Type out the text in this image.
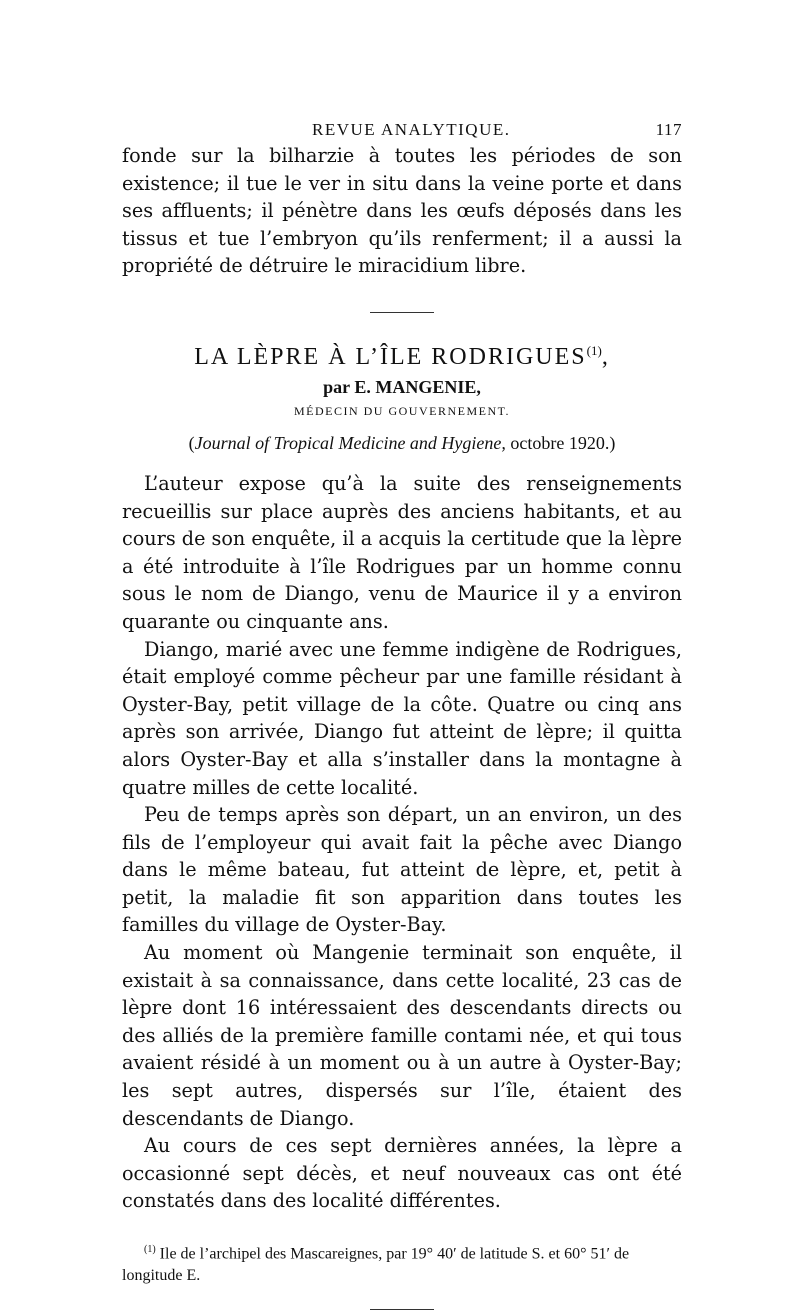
REVUE ANALYTIQUE.	117

fonde sur la bilharzie à toutes les périodes de son existence; il tue le ver in situ dans la veine porte et dans ses affluents; il pénètre dans les œufs déposés dans les tissus et tue l’embryon qu’ils renferment; il a aussi la propriété de détruire le miracidium libre.

LA LÈPRE À L’ÎLE RODRIGUES$^{(1)}$,
par E. MANGENIE,
MÉDECIN DU GOUVERNEMENT.
(Journal of Tropical Medicine and Hygiene, octobre 1920.)

L’auteur expose qu’à la suite des renseignements recueillis sur place auprès des anciens habitants, et au cours de son enquête, il a acquis la certitude que la lèpre a été introduite à l’île Rodrigues par un homme connu sous le nom de Diango, venu de Maurice il y a environ quarante ou cinquante ans.

Diango, marié avec une femme indigène de Rodrigues, était employé comme pêcheur par une famille résidant à Oyster-Bay, petit village de la côte. Quatre ou cinq ans après son arrivée, Diango fut atteint de lèpre; il quitta alors Oyster-Bay et alla s’installer dans la montagne à quatre milles de cette localité.

Peu de temps après son départ, un an environ, un des fils de l’employeur qui avait fait la pêche avec Diango dans le même bateau, fut atteint de lèpre, et, petit à petit, la maladie fit son apparition dans toutes les familles du village de Oyster-Bay.

Au moment où Mangenie terminait son enquête, il existait à sa connaissance, dans cette localité, 23 cas de lèpre dont 16 intéressaient des descendants directs ou des alliés de la première famille contami née, et qui tous avaient résidé à un moment ou à un autre à Oyster-Bay; les sept autres, dispersés sur l’île, étaient des descendants de Diango.

Au cours de ces sept dernières années, la lèpre a occasionné sept décès, et neuf nouveaux cas ont été constatés dans des localité différentes.

$^{(1)}$ Ile de l’archipel des Mascareignes, par 19° 40′ de latitude S. et 60° 51′ de longitude E.
